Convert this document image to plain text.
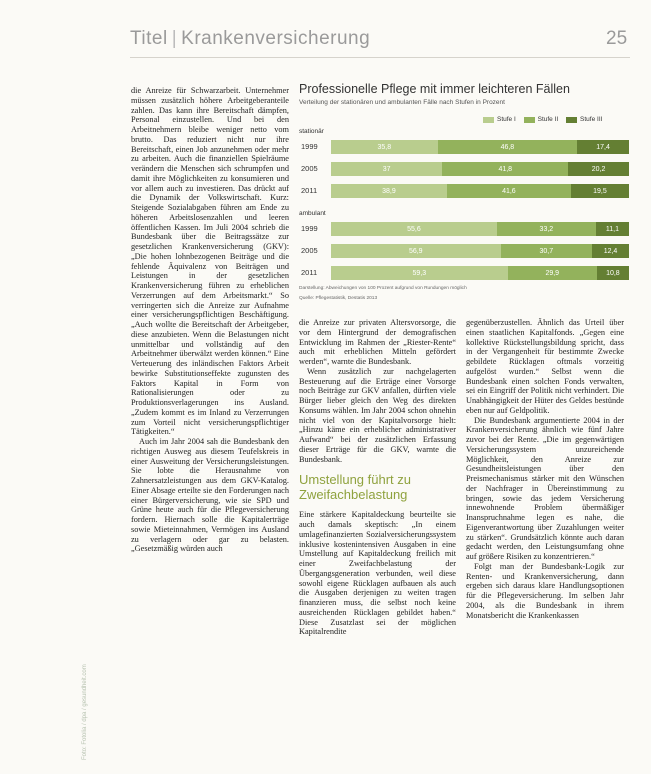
Titel | Krankenversicherung	25
Foto: Fotolia / dpa / gesundheit.com

die Anreize für Schwarzarbeit. Unternehmer müssen zusätzlich höhere Arbeitgeberanteile zahlen. Das kann ihre Bereitschaft dämpfen, Personal einzustellen. Und bei den Arbeitnehmern bleibe weniger netto vom brutto. Das reduziert nicht nur ihre Bereitschaft, einen Job anzunehmen oder mehr zu arbeiten. Auch die finanziellen Spielräume verändern die Menschen sich schrumpfen und damit ihre Möglichkeiten zu konsumieren und vor allem auch zu investieren. Das drückt auf die Dynamik der Volkswirtschaft. Kurz: Steigende Sozialabgaben führen am Ende zu höheren Arbeitslosenzahlen und leeren öffentlichen Kassen. Im Juli 2004 schrieb die Bundesbank über die Beitragssätze zur gesetzlichen Krankenversicherung (GKV): „Die hohen lohnbezogenen Beiträge und die fehlende Äquivalenz von Beiträgen und Leistungen in der gesetzlichen Krankenversicherung führen zu erheblichen Verzerrungen auf dem Arbeitsmarkt.“ So verringerten sich die Anreize zur Aufnahme einer versicherungspflichtigen Beschäftigung. „Auch wollte die Bereitschaft der Arbeitgeber, diese anzubieten. Wenn die Belastungen nicht unmittelbar und vollständig auf den Arbeitnehmer überwälzt werden können.“ Eine Verteuerung des inländischen Faktors Arbeit bewirke Substitutionseffekte zugunsten des Faktors Kapital in Form von Rationalisierungen oder zu Produktionsverlagerungen ins Ausland. „Zudem kommt es im Inland zu Verzerrungen zum Vorteil nicht versicherungspflichtiger Tätigkeiten.“

Auch im Jahr 2004 sah die Bundesbank den richtigen Ausweg aus diesem Teufelskreis in einer Ausweitung der Versicherungsleistungen. Sie lobte die Herausnahme von Zahnersatzleistungen aus dem GKV-Katalog. Einer Absage erteilte sie den Forderungen nach einer Bürgerversicherung, wie sie SPD und Grüne heute auch für die Pflegeversicherung fordern. Hiernach solle die Kapitalerträge sowie Mieteinnahmen, Vermögen ins Ausland zu verlagern oder gar zu belasten. „Gesetzmäßig würden auch

Professionelle Pflege mit immer leichteren Fällen
Verteilung der stationären und ambulanten Fälle nach Stufen in Prozent
Stufe I
	Stufe II
	Stufe III
stationär
1999	35,8	46,8	17,4
2005	37	41,8	20,2
2011	38,9	41,6	19,5
ambulant
1999	55,6	33,2	11,1
2005	56,9	30,7	12,4
2011	59,3	29,9	10,8
Darstellung: Abweichungen von 100 Prozent aufgrund von Rundungen möglich
Quelle: Pflegestatistik, Destatis 2013

die Anreize zur privaten Altersvorsorge, die vor dem Hintergrund der demografischen Entwicklung im Rahmen der „Riester-Rente“ auch mit erheblichen Mitteln gefördert werden“, warnte die Bundesbank.

Wenn zusätzlich zur nachgelagerten Besteuerung auf die Erträge einer Vorsorge noch Beiträge zur GKV anfallen, dürften viele Bürger lieber gleich den Weg des direkten Konsums wählen. Im Jahr 2004 schon ohnehin nicht viel von der Kapitalvorsorge hielt: „Hinzu käme ein erheblicher administrativer Aufwand“ bei der zusätzlichen Erfassung dieser Erträge für die GKV, warnte die Bundesbank.

Umstellung führt zu Zweifachbelastung

Eine stärkere Kapitaldeckung beurteilte sie auch damals skeptisch: „In einem umlagefinanzierten Sozialversicherungssystem inklusive kostenintensiven Ausgaben in eine Umstellung auf Kapitaldeckung freilich mit einer Zweifachbelastung der Übergangsgeneration verbunden, weil diese sowohl eigene Rücklagen aufbauen als auch die Ausgaben derjenigen zu weiten tragen finanzieren muss, die selbst noch keine ausreichenden Rücklagen gebildet haben.“ Diese Zusatzlast sei der möglichen Kapitalrendite

gegenüberzustellen. Ähnlich das Urteil über einen staatlichen Kapitalfonds. „Gegen eine kollektive Rückstellungsbildung spricht, dass in der Vergangenheit für bestimmte Zwecke gebildete Rücklagen oftmals vorzeitig aufgelöst wurden.“ Selbst wenn die Bundesbank einen solchen Fonds verwalten, sei ein Eingriff der Politik nicht verhindert. Die Unabhängigkeit der Hüter des Geldes bestünde eben nur auf Geldpolitik.

Die Bundesbank argumentierte 2004 in der Krankenversicherung ähnlich wie fünf Jahre zuvor bei der Rente. „Die im gegenwärtigen Versicherungssystem unzureichende Möglichkeit, den Anreize zur Gesundheitsleistungen über den Preismechanismus stärker mit den Wünschen der Nachfrager in Übereinstimmung zu bringen, sowie das jedem Versicherung innewohnende Problem übermäßiger Inanspruchnahme legen es nahe, die Eigenverantwortung über Zuzahlungen weiter zu stärken“. Grundsätzlich könnte auch daran gedacht werden, den Leistungsumfang ohne auf größere Risiken zu konzentrieren.“

Folgt man der Bundesbank-Logik zur Renten- und Krankenversicherung, dann ergeben sich daraus klare Handlungsoptionen für die Pflegeversicherung. Im selben Jahr 2004, als die Bundesbank in ihrem Monatsbericht die Krankenkassen
